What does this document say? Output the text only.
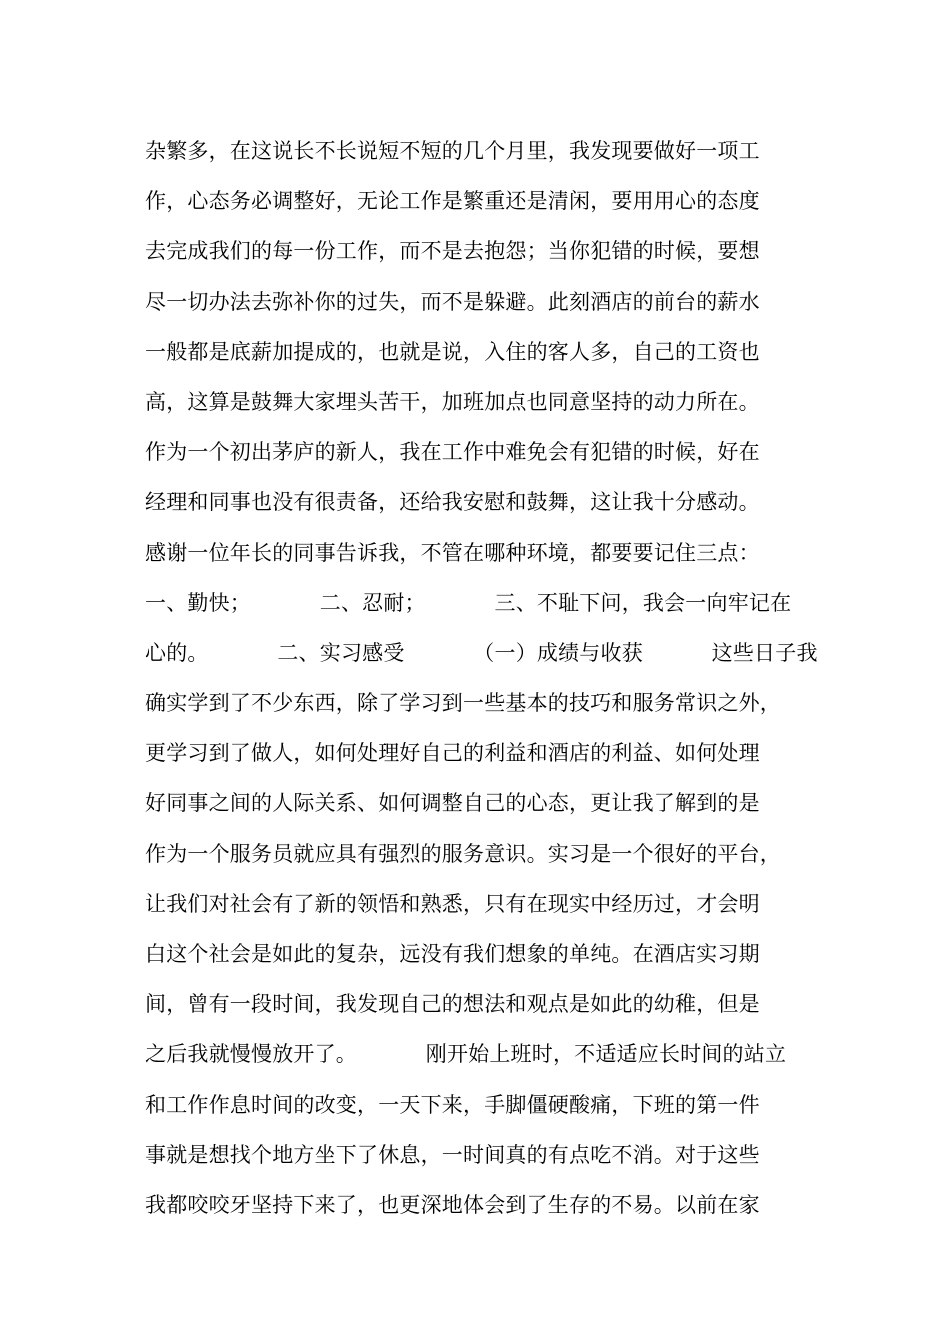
杂繁多，在这说长不长说短不短的几个月里，我发现要做好一项工
作，心态务必调整好，无论工作是繁重还是清闲，要用用心的态度
去完成我们的每一份工作，而不是去抱怨；当你犯错的时候，要想
尽一切办法去弥补你的过失，而不是躲避。此刻酒店的前台的薪水
一般都是底薪加提成的，也就是说，入住的客人多，自己的工资也
高，这算是鼓舞大家埋头苦干，加班加点也同意坚持的动力所在。
作为一个初出茅庐的新人，我在工作中难免会有犯错的时候，好在
经理和同事也没有很责备，还给我安慰和鼓舞，这让我十分感动。
感谢一位年长的同事告诉我，不管在哪种环境，都要要记住三点：
一、勤快；          二、忍耐；          三、不耻下问，我会一向牢记在
心的。          二、实习感受          （一）成绩与收获          这些日子我
确实学到了不少东西，除了学习到一些基本的技巧和服务常识之外，
更学习到了做人，如何处理好自己的利益和酒店的利益、如何处理
好同事之间的人际关系、如何调整自己的心态，更让我了解到的是
作为一个服务员就应具有强烈的服务意识。实习是一个很好的平台，
让我们对社会有了新的领悟和熟悉，只有在现实中经历过，才会明
白这个社会是如此的复杂，远没有我们想象的单纯。在酒店实习期
间，曾有一段时间，我发现自己的想法和观点是如此的幼稚，但是
之后我就慢慢放开了。          刚开始上班时，不适适应长时间的站立
和工作作息时间的改变，一天下来，手脚僵硬酸痛，下班的第一件
事就是想找个地方坐下了休息，一时间真的有点吃不消。对于这些
我都咬咬牙坚持下来了，也更深地体会到了生存的不易。以前在家
